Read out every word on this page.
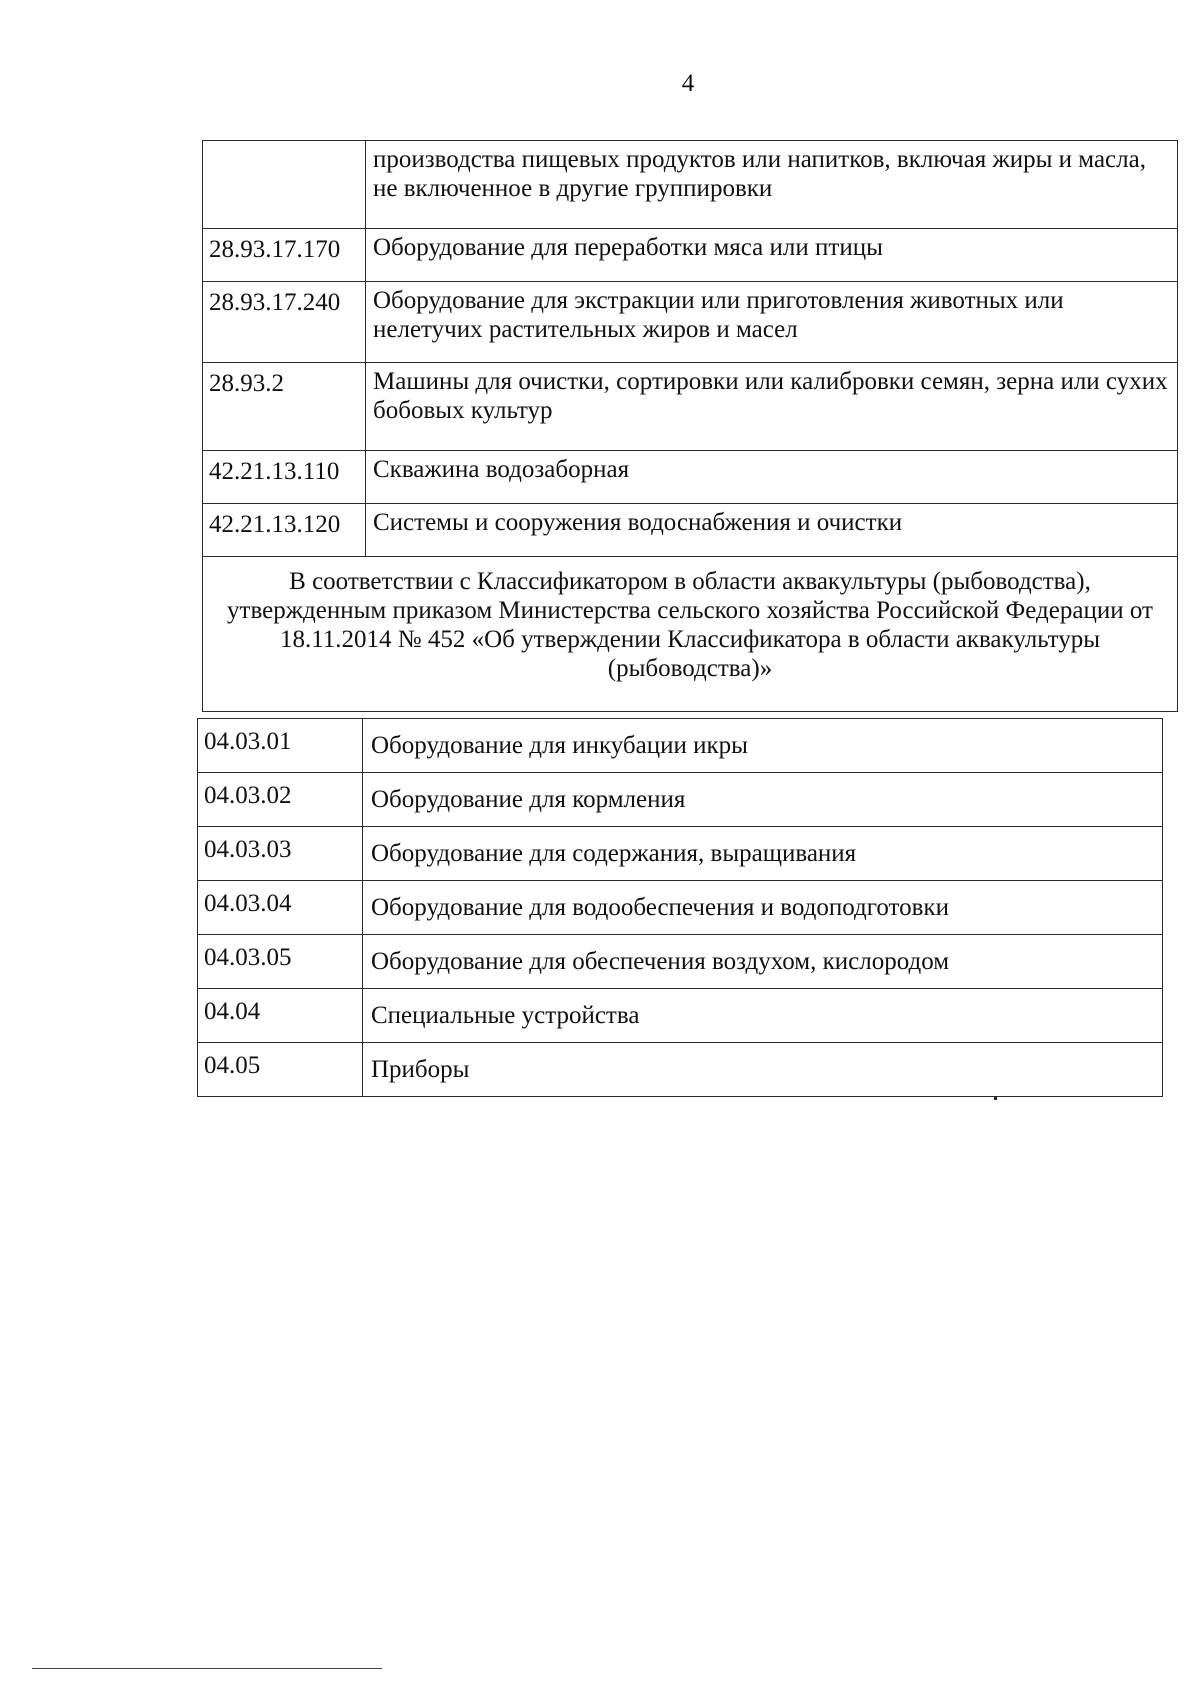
4
	производства пищевых продуктов или напитков, включая жиры и масла, не включенное в другие группировки
28.93.17.170	Оборудование для переработки мяса или птицы
28.93.17.240	Оборудование для экстракции или приготовления животных или нелетучих растительных жиров и масел
28.93.2	Машины для очистки, сортировки или калибровки семян, зерна или сухих бобовых культур
42.21.13.110	Скважина водозаборная
42.21.13.120	Системы и сооружения водоснабжения и очистки
В соответствии с Классификатором в области аквакультуры (рыбоводства), утвержденным приказом Министерства сельского хозяйства Российской Федерации от 18.11.2014 № 452 «Об утверждении Классификатора в области аквакультуры (рыбоводства)»	
04.03.01	Оборудование для инкубации икры
04.03.02	Оборудование для кормления
04.03.03	Оборудование для содержания, выращивания
04.03.04	Оборудование для водообеспечения и водоподготовки
04.03.05	Оборудование для обеспечения воздухом, кислородом
04.04	Специальные устройства
04.05	Приборы
